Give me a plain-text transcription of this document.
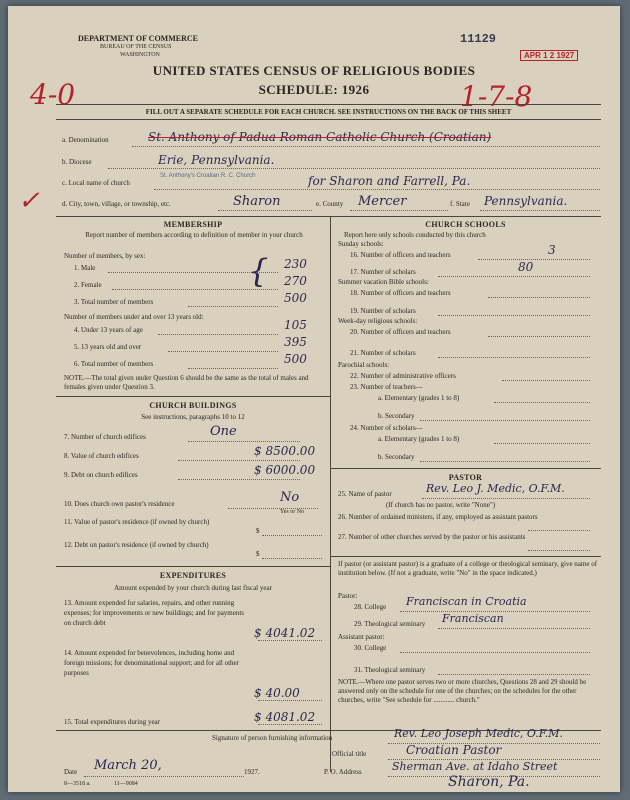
DEPARTMENT OF COMMERCE
BUREAU OF THE CENSUS
WASHINGTON
11129
APR 1 2 1927
UNITED STATES CENSUS OF RELIGIOUS BODIES
SCHEDULE: 1926
4-0	1-7-8
FILL OUT A SEPARATE SCHEDULE FOR EACH CHURCH. SEE INSTRUCTIONS ON THE BACK OF THIS SHEET
a. Denomination	St. Anthony of Padua Roman Catholic Church (Croatian)
b. Diocese	Erie, Pennsylvania.
c. Local name of church
St. Anthony's Croatian R. C. Church	for Sharon and Farrell, Pa.
d. City, town, village, or township, etc.	Sharon	e. County Mercer	f. State Pennsylvania.
✓
MEMBERSHIP
Report number of members according to definition of member in your church
Number of members, by sex:
1. Male	230
2. Female	270
3. Total number of members	500
{
Number of members under and over 13 years old:
4. Under 13 years of age	105
5. 13 years old and over	395
6. Total number of members	500
NOTE.—The total given under Question 6 should be the same as the total of males and females given under Question 3.
CHURCH BUILDINGS
See instructions, paragraphs 10 to 12
7. Number of church edifices	One
8. Value of church edifices	$ 8500.00
9. Debt on church edifices	$ 6000.00
10. Does church own pastor's residence	No
Yes or No
11. Value of pastor's residence (if owned by church)
$
12. Debt on pastor's residence (if owned by church)
$
EXPENDITURES
Amount expended by your church during last fiscal year
13. Amount expended for salaries, repairs, and other running expenses; for improvements or new buildings; and for payments on church debt
$ 4041.02
14. Amount expended for benevolences, including home and foreign missions; for denominational support; and for all other purposes
$ 40.00
15. Total expenditures during year	$ 4081.02
CHURCH SCHOOLS
Report here only schools conducted by this church
Sunday schools:
16. Number of officers and teachers	3
17. Number of scholars	80
Summer vacation Bible schools:
18. Number of officers and teachers
19. Number of scholars
Week-day religious schools:
20. Number of officers and teachers
21. Number of scholars
Parochial schools:
22. Number of administrative officers
23. Number of teachers—
a. Elementary (grades 1 to 8)
b. Secondary
24. Number of scholars—
a. Elementary (grades 1 to 8)
b. Secondary
PASTOR
25. Name of pastor	Rev. Leo J. Medic, O.F.M.
(If church has no pastor, write "None")
26. Number of ordained ministers, if any, employed as assistant pastors
27. Number of other churches served by the pastor or his assistants
If pastor (or assistant pastor) is a graduate of a college or theological seminary, give name of institution below. (If not a graduate, write "No" in the space indicated.)
Pastor:
28. College Franciscan in Croatia
29. Theological seminary Franciscan
Assistant pastor:
30. College
31. Theological seminary
NOTE.—Where one pastor serves two or more churches, Questions 28 and 29 should be answered only on the schedule for one of the churches; on the schedules for the other churches, write "See schedule for ............ church."
Signature of person furnishing information	Rev. Leo Joseph Medic, O.F.M.
Official title	Croatian Pastor
Date March 20,	1927.	P. O. Address	Sherman Ave. at Idaho Street
Sharon, Pa.
8—3518 a.	11—9084
